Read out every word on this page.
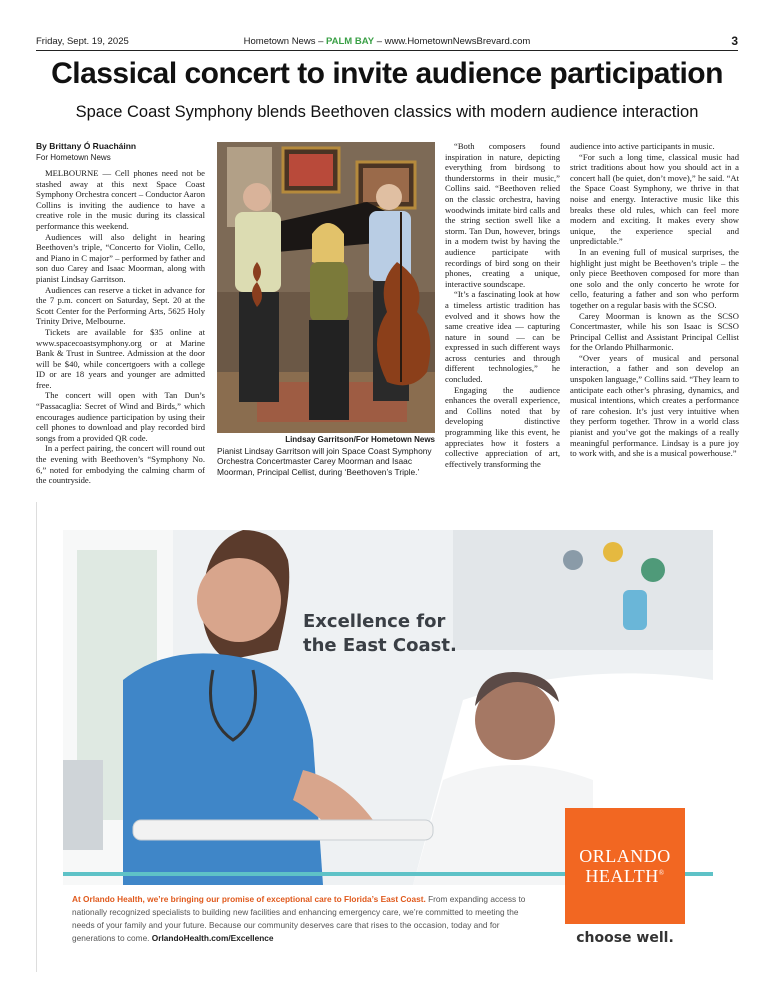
Friday, Sept. 19, 2025	Hometown News – PALM BAY – www.HometownNewsBrevard.com	3
Classical concert to invite audience participation
Space Coast Symphony blends Beethoven classics with modern audience interaction
By Brittany Ó Ruacháinn
For Hometown News

MELBOURNE — Cell phones need not be stashed away at this next Space Coast Symphony Orchestra concert – Conductor Aaron Collins is inviting the audience to have a creative role in the music during its classical performance this weekend.

Audiences will also delight in hearing Beethoven’s triple, “Concerto for Violin, Cello, and Piano in C major” – performed by father and son duo Carey and Isaac Moorman, along with pianist Lindsay Garritson.

Audiences can reserve a ticket in advance for the 7 p.m. concert on Saturday, Sept. 20 at the Scott Center for the Performing Arts, 5625 Holy Trinity Drive, Melbourne.

Tickets are available for $35 online at www.spacecoastsymphony.org or at Marine Bank & Trust in Suntree. Admission at the door will be $40, while concertgoers with a college ID or are 18 years and younger are admitted free.

The concert will open with Tan Dun’s “Passacaglia: Secret of Wind and Birds,” which encourages audience participation by using their cell phones to download and play recorded bird songs from a provided QR code.

In a perfect pairing, the concert will round out the evening with Beethoven’s “Symphony No. 6,” noted for embodying the calming charm of the countryside.

Lindsay Garritson/For Hometown News
Pianist Lindsay Garritson will join Space Coast Symphony Orchestra Concertmaster Carey Moorman and Isaac Moorman, Principal Cellist, during ‘Beethoven’s Triple.’

“Both composers found inspiration in nature, depicting everything from birdsong to thunderstorms in their music,” Collins said. “Beethoven relied on the classic orchestra, having woodwinds imitate bird calls and the string section swell like a storm. Tan Dun, however, brings in a modern twist by having the audience participate with recordings of bird song on their phones, creating a unique, interactive soundscape.

“It’s a fascinating look at how a timeless artistic tradition has evolved and it shows how the same creative idea — capturing nature in sound — can be expressed in such different ways across centuries and through different technologies,” he concluded.

Engaging the audience enhances the overall experience, and Collins noted that by developing distinctive programming like this event, he appreciates how it fosters a collective appreciation of art, effectively transforming the

audience into active participants in music.

“For such a long time, classical music had strict traditions about how you should act in a concert hall (be quiet, don’t move),” he said. “At the Space Coast Symphony, we thrive in that noise and energy. Interactive music like this breaks these old rules, which can feel more modern and exciting. It makes every show unique, the experience special and unpredictable.”

In an evening full of musical surprises, the highlight just might be Beethoven’s triple – the only piece Beethoven composed for more than one solo and the only concerto he wrote for cello, featuring a father and son who perform together on a regular basis with the SCSO.

Carey Moorman is known as the SCSO Concertmaster, while his son Isaac is SCSO Principal Cellist and Assistant Principal Cellist for the Orlando Philharmonic.

“Over years of musical and personal interaction, a father and son develop an unspoken language,” Collins said. “They learn to anticipate each other’s phrasing, dynamics, and musical intentions, which creates a performance of rare cohesion. It’s just very intuitive when they perform together. Throw in a world class pianist and you’ve got the makings of a really meaningful performance. Lindsay is a pure joy to work with, and she is a musical powerhouse.”

Excellence for
the East Coast.
At Orlando Health, we’re bringing our promise of exceptional care to Florida’s East Coast. From expanding access to nationally recognized specialists to building new facilities and enhancing emergency care, we’re committed to meeting the needs of your family and your future. Because our community deserves care that rises to the occasion, today and for generations to come. OrlandoHealth.com/Excellence
ORLANDO
HEALTH®
choose well.
